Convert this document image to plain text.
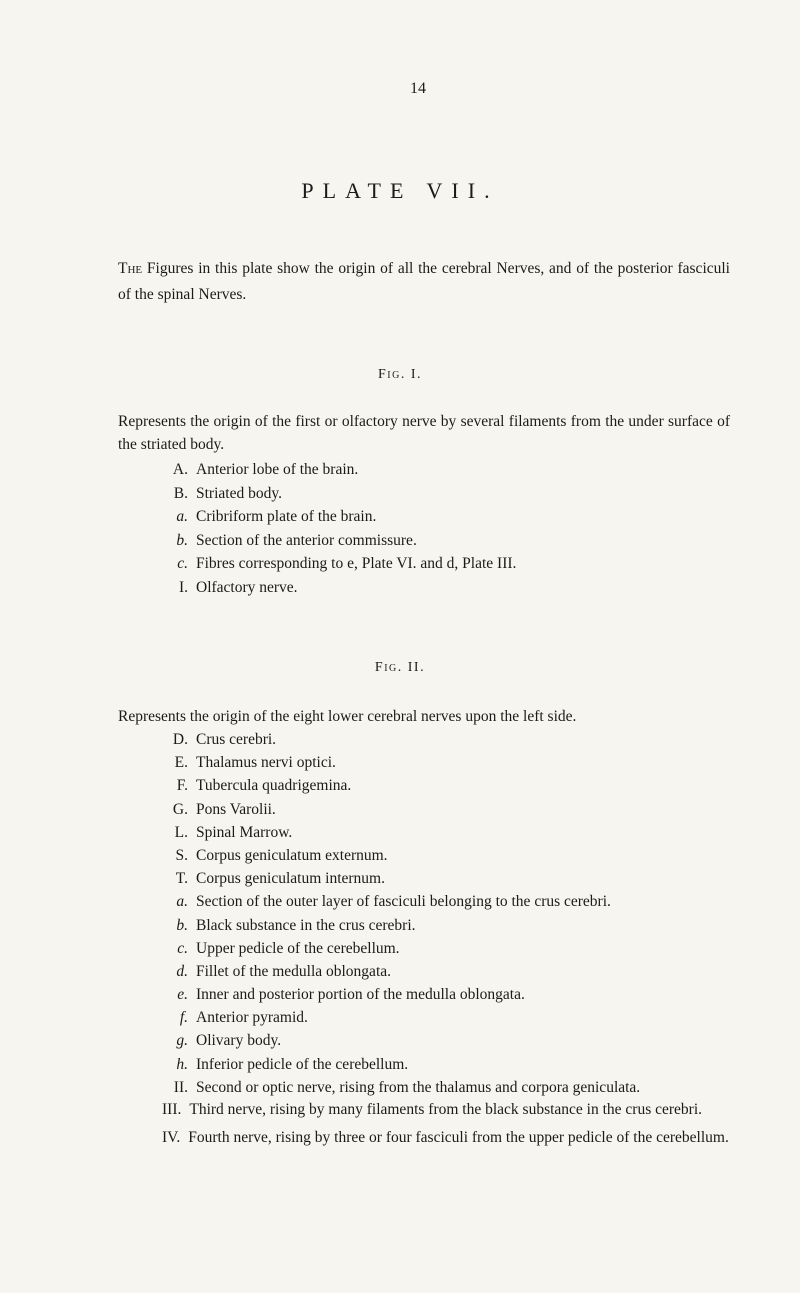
14
PLATE VII.
The Figures in this plate show the origin of all the cerebral Nerves, and of the posterior fasciculi of the spinal Nerves.
Fig. I.
Represents the origin of the first or olfactory nerve by several filaments from the under surface of the striated body.
A. Anterior lobe of the brain.
B. Striated body.
a. Cribriform plate of the brain.
b. Section of the anterior commissure.
c. Fibres corresponding to e, Plate VI. and d, Plate III.
I. Olfactory nerve.
Fig. II.
Represents the origin of the eight lower cerebral nerves upon the left side.
D. Crus cerebri.
E. Thalamus nervi optici.
F. Tubercula quadrigemina.
G. Pons Varolii.
L. Spinal Marrow.
S. Corpus geniculatum externum.
T. Corpus geniculatum internum.
a. Section of the outer layer of fasciculi belonging to the crus cerebri.
b. Black substance in the crus cerebri.
c. Upper pedicle of the cerebellum.
d. Fillet of the medulla oblongata.
e. Inner and posterior portion of the medulla oblongata.
f. Anterior pyramid.
g. Olivary body.
h. Inferior pedicle of the cerebellum.
II. Second or optic nerve, rising from the thalamus and corpora geniculata.
III. Third nerve, rising by many filaments from the black substance in the crus cerebri.
IV. Fourth nerve, rising by three or four fasciculi from the upper pedicle of the cerebellum.
